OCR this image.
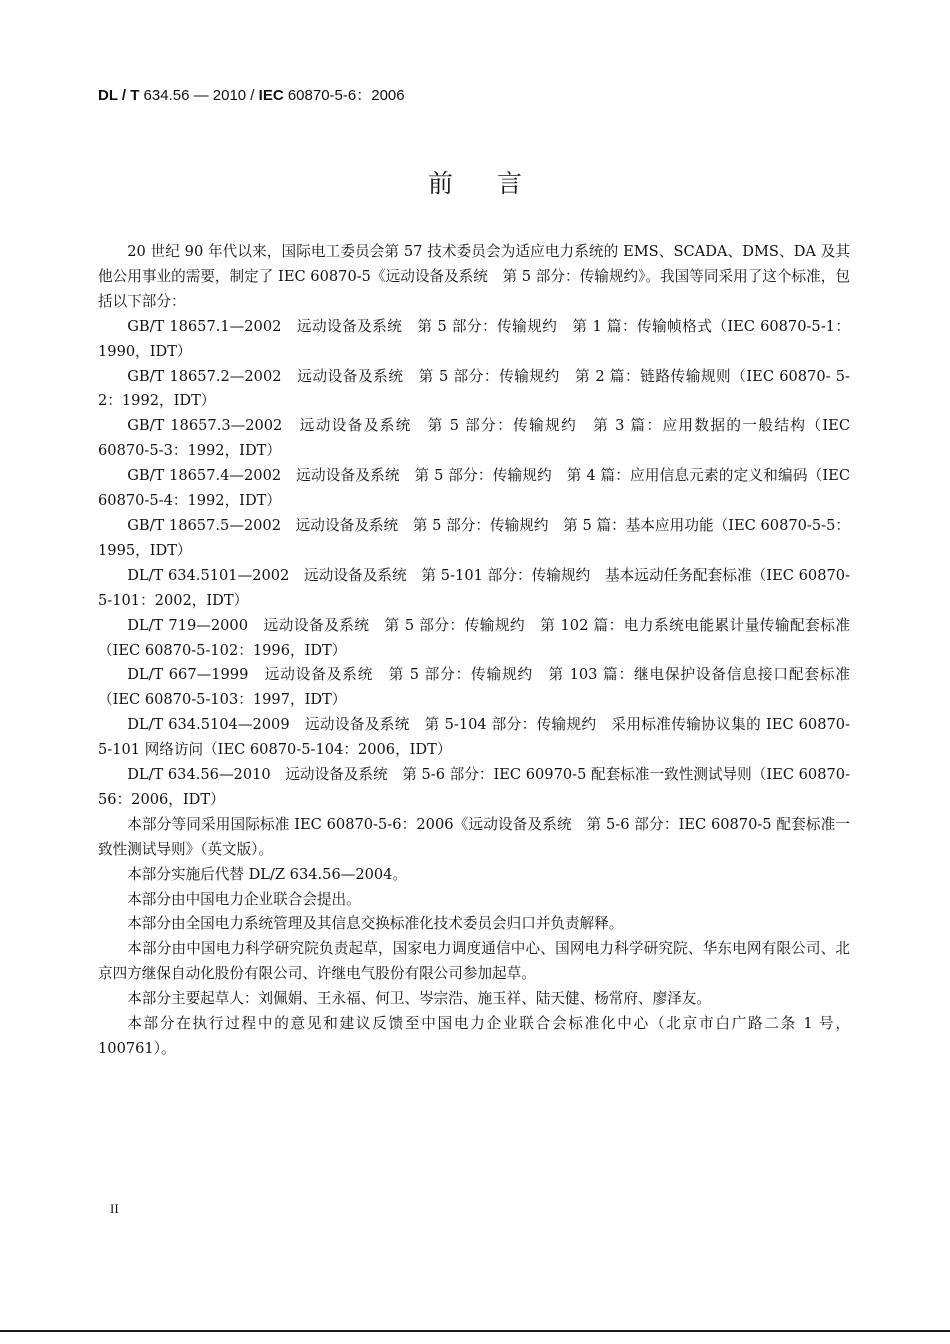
DL / T 634.56 — 2010 / IEC 60870-5-6：2006
前言

20 世纪 90 年代以来，国际电工委员会第 57 技术委员会为适应电力系统的 EMS、SCADA、DMS、DA 及其他公用事业的需要，制定了 IEC 60870-5《远动设备及系统　第 5 部分：传输规约》。我国等同采用了这个标准，包括以下部分：

GB/T 18657.1—2002　远动设备及系统　第 5 部分：传输规约　第 1 篇：传输帧格式（IEC 60870-5-1：1990，IDT）

GB/T 18657.2—2002　远动设备及系统　第 5 部分：传输规约　第 2 篇：链路传输规则（IEC 60870- 5-2：1992，IDT）

GB/T 18657.3—2002　远动设备及系统　第 5 部分：传输规约　第 3 篇：应用数据的一般结构（IEC 60870-5-3：1992，IDT）

GB/T 18657.4—2002　远动设备及系统　第 5 部分：传输规约　第 4 篇：应用信息元素的定义和编码（IEC 60870-5-4：1992，IDT）

GB/T 18657.5—2002　远动设备及系统　第 5 部分：传输规约　第 5 篇：基本应用功能（IEC 60870-5-5：1995，IDT）

DL/T 634.5101—2002　远动设备及系统　第 5-101 部分：传输规约　基本远动任务配套标准（IEC 60870-5-101：2002，IDT）

DL/T 719—2000　远动设备及系统　第 5 部分：传输规约　第 102 篇：电力系统电能累计量传输配套标准（IEC 60870-5-102：1996，IDT）

DL/T 667—1999　远动设备及系统　第 5 部分：传输规约　第 103 篇：继电保护设备信息接口配套标准（IEC 60870-5-103：1997，IDT）

DL/T 634.5104—2009　远动设备及系统　第 5-104 部分：传输规约　采用标准传输协议集的 IEC 60870-5-101 网络访问（IEC 60870-5-104：2006，IDT）

DL/T 634.56—2010　远动设备及系统　第 5-6 部分：IEC 60970-5 配套标准一致性测试导则（IEC 60870-56：2006，IDT）

本部分等同采用国际标准 IEC 60870-5-6：2006《远动设备及系统　第 5-6 部分：IEC 60870-5 配套标准一致性测试导则》（英文版）。

本部分实施后代替 DL/Z 634.56—2004。

本部分由中国电力企业联合会提出。

本部分由全国电力系统管理及其信息交换标准化技术委员会归口并负责解释。

本部分由中国电力科学研究院负责起草，国家电力调度通信中心、国网电力科学研究院、华东电网有限公司、北京四方继保自动化股份有限公司、许继电气股份有限公司参加起草。

本部分主要起草人：刘佩娟、王永福、何卫、岑宗浩、施玉祥、陆天健、杨常府、廖泽友。

本部分在执行过程中的意见和建议反馈至中国电力企业联合会标准化中心（北京市白广路二条 1 号，100761）。

II
